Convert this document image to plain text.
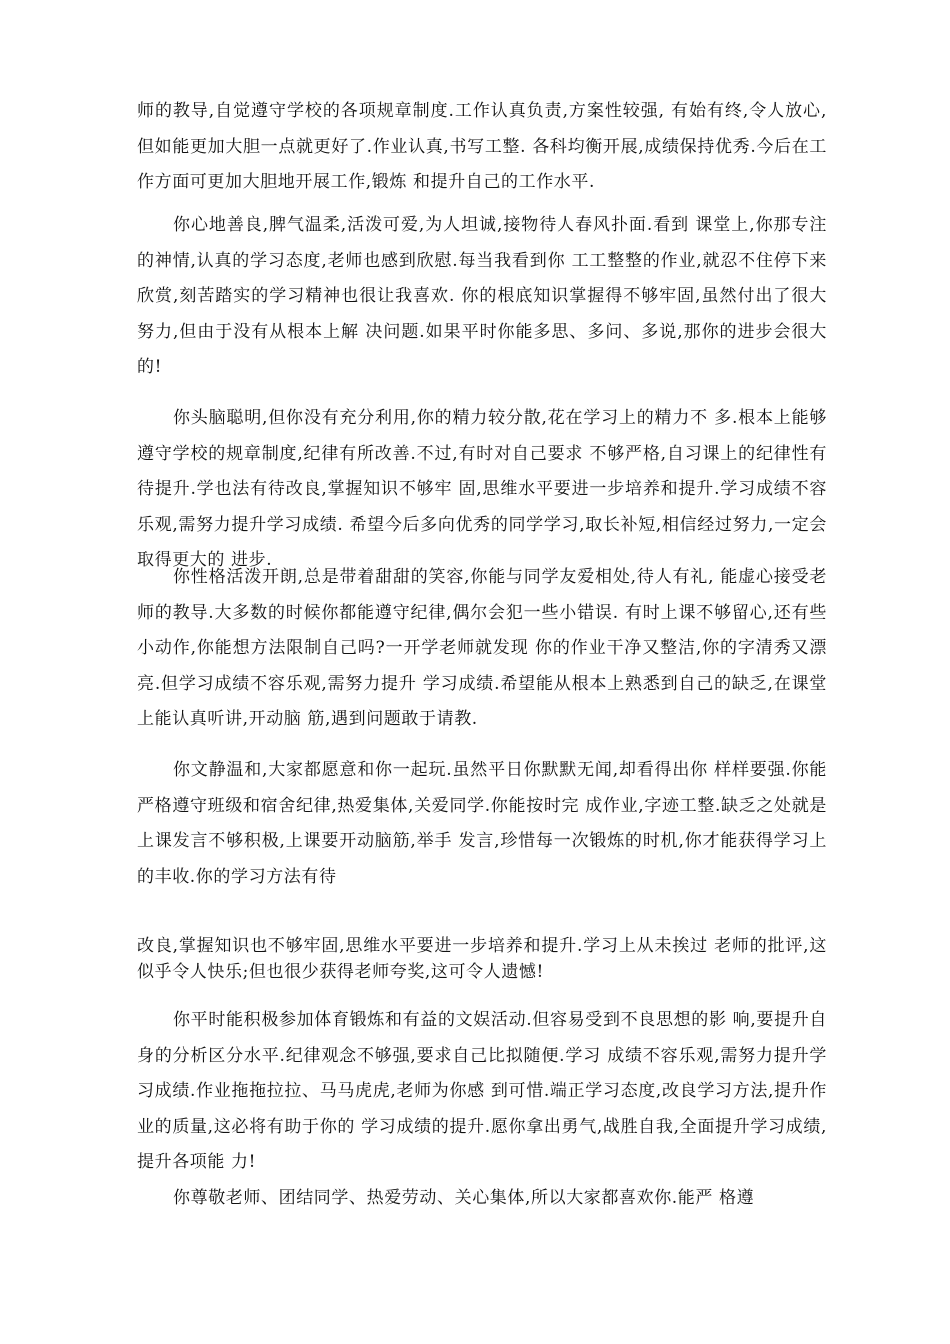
师的教导,自觉遵守学校的各项规章制度.工作认真负责,方案性较强, 有始有终,令人放心,但如能更加大胆一点就更好了.作业认真,书写工整. 各科均衡开展,成绩保持优秀.今后在工作方面可更加大胆地开展工作,锻炼 和提升自己的工作水平.

你心地善良,脾气温柔,活泼可爱,为人坦诚,接物待人春风扑面.看到 课堂上,你那专注的神情,认真的学习态度,老师也感到欣慰.每当我看到你 工工整整的作业,就忍不住停下来欣赏,刻苦踏实的学习精神也很让我喜欢. 你的根底知识掌握得不够牢固,虽然付出了很大努力,但由于没有从根本上解 决问题.如果平时你能多思、多问、多说,那你的进步会很大的!

你头脑聪明,但你没有充分利用,你的精力较分散,花在学习上的精力不 多.根本上能够遵守学校的规章制度,纪律有所改善.不过,有时对自己要求 不够严格,自习课上的纪律性有待提升.学也法有待改良,掌握知识不够牢 固,思维水平要进一步培养和提升.学习成绩不容乐观,需努力提升学习成绩. 希望今后多向优秀的同学学习,取长补短,相信经过努力,一定会取得更大的 进步.

你性格活泼开朗,总是带着甜甜的笑容,你能与同学友爱相处,待人有礼, 能虚心接受老师的教导.大多数的时候你都能遵守纪律,偶尔会犯一些小错误. 有时上课不够留心,还有些小动作,你能想方法限制自己吗?一开学老师就发现 你的作业干净又整洁,你的字清秀又漂亮.但学习成绩不容乐观,需努力提升 学习成绩.希望能从根本上熟悉到自己的缺乏,在课堂上能认真听讲,开动脑 筋,遇到问题敢于请教.

你文静温和,大家都愿意和你一起玩.虽然平日你默默无闻,却看得出你 样样要强.你能严格遵守班级和宿舍纪律,热爱集体,关爱同学.你能按时完 成作业,字迹工整.缺乏之处就是上课发言不够积极,上课要开动脑筋,举手 发言,珍惜每一次锻炼的时机,你才能获得学习上的丰收.你的学习方法有待

改良,掌握知识也不够牢固,思维水平要进一步培养和提升.学习上从未挨过 老师的批评,这似乎令人快乐;但也很少获得老师夸奖,这可令人遗憾!

你平时能积极参加体育锻炼和有益的文娱活动.但容易受到不良思想的影 响,要提升自身的分析区分水平.纪律观念不够强,要求自己比拟随便.学习 成绩不容乐观,需努力提升学习成绩.作业拖拖拉拉、马马虎虎,老师为你感 到可惜.端正学习态度,改良学习方法,提升作业的质量,这必将有助于你的 学习成绩的提升.愿你拿出勇气,战胜自我,全面提升学习成绩,提升各项能 力!

你尊敬老师、团结同学、热爱劳动、关心集体,所以大家都喜欢你.能严 格遵
